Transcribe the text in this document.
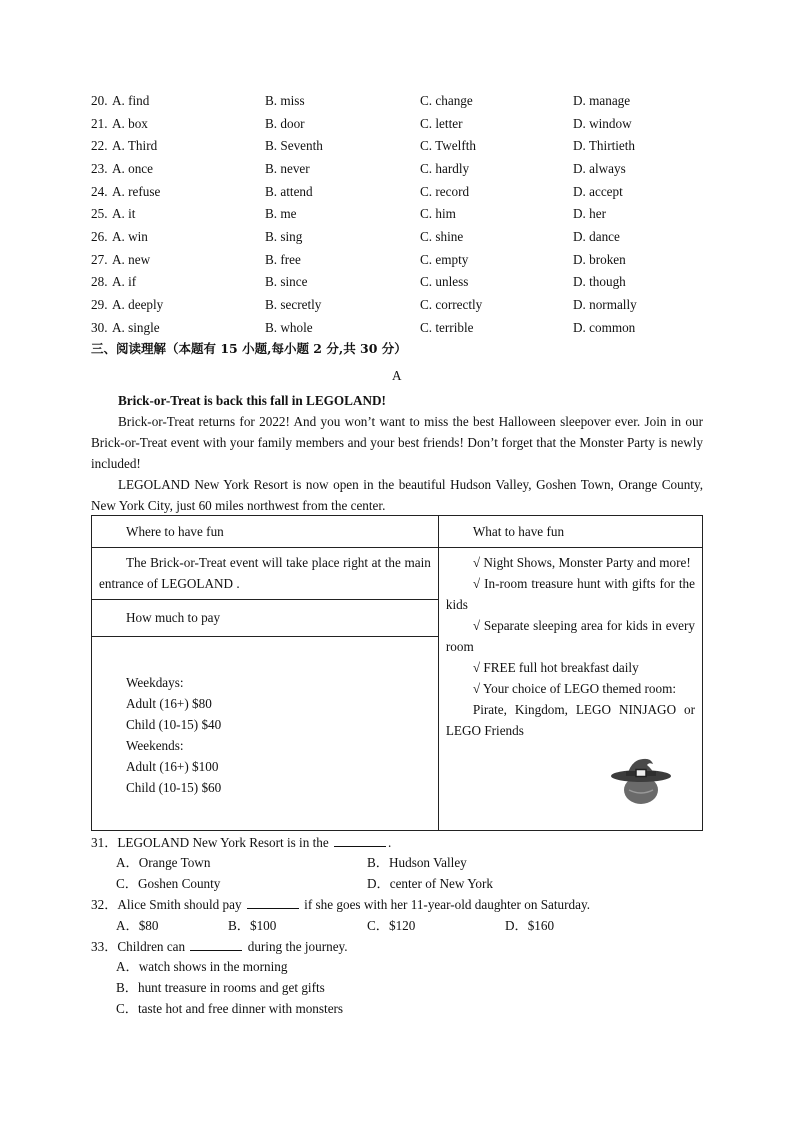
20. A. find	B. miss	C. change	D. manage
21. A. box	B. door	C. letter	D. window
22. A. Third	B. Seventh	C. Twelfth	D. Thirtieth
23. A. once	B. never	C. hardly	D. always
24. A. refuse	B. attend	C. record	D. accept
25. A. it	B. me	C. him	D. her
26. A. win	B. sing	C. shine	D. dance
27. A. new	B. free	C. empty	D. broken
28. A. if	B. since	C. unless	D. though
29. A. deeply	B. secretly	C. correctly	D. normally
30. A. single	B. whole	C. terrible	D. common
三、阅读理解（本题有 15 小题,每小题 2 分,共 30 分）
A
Brick-or-Treat is back this fall in LEGOLAND!
Brick-or-Treat returns for 2022! And you won’t want to miss the best Halloween sleepover ever. Join in our Brick-or-Treat event with your family members and your best friends! Don’t forget that the Monster Party is newly included!
LEGOLAND New York Resort is now open in the beautiful Hudson Valley, Goshen Town, Orange County, New York City, just 60 miles northwest from the center.
Where to have fun	What to have fun

The Brick-or-Treat event will take place right at the main entrance of LEGOLAND .

√ Night Shows, Monster Party and more!
√ In-room treasure hunt with gifts for the kids
√ Separate sleeping area for kids in every room
√ FREE full hot breakfast daily
√ Your choice of LEGO themed room:
Pirate, Kingdom, LEGO NINJAGO or LEGO Friends

How much to pay	

Weekdays:
Adult (16+) $80
Child (10-15) $40
Weekends:
Adult (16+) $100
Child (10-15) $60
31．LEGOLAND New York Resort is in the	.
A．Orange Town	B．Hudson Valley
C．Goshen County	D．center of New York
32．Alice Smith should pay	if she goes with her 11-year-old daughter on Saturday.
A．$80	B．$100	C．$120	D．$160
33．Children can	during the journey.
A．watch shows in the morning
B．hunt treasure in rooms and get gifts
C．taste hot and free dinner with monsters
